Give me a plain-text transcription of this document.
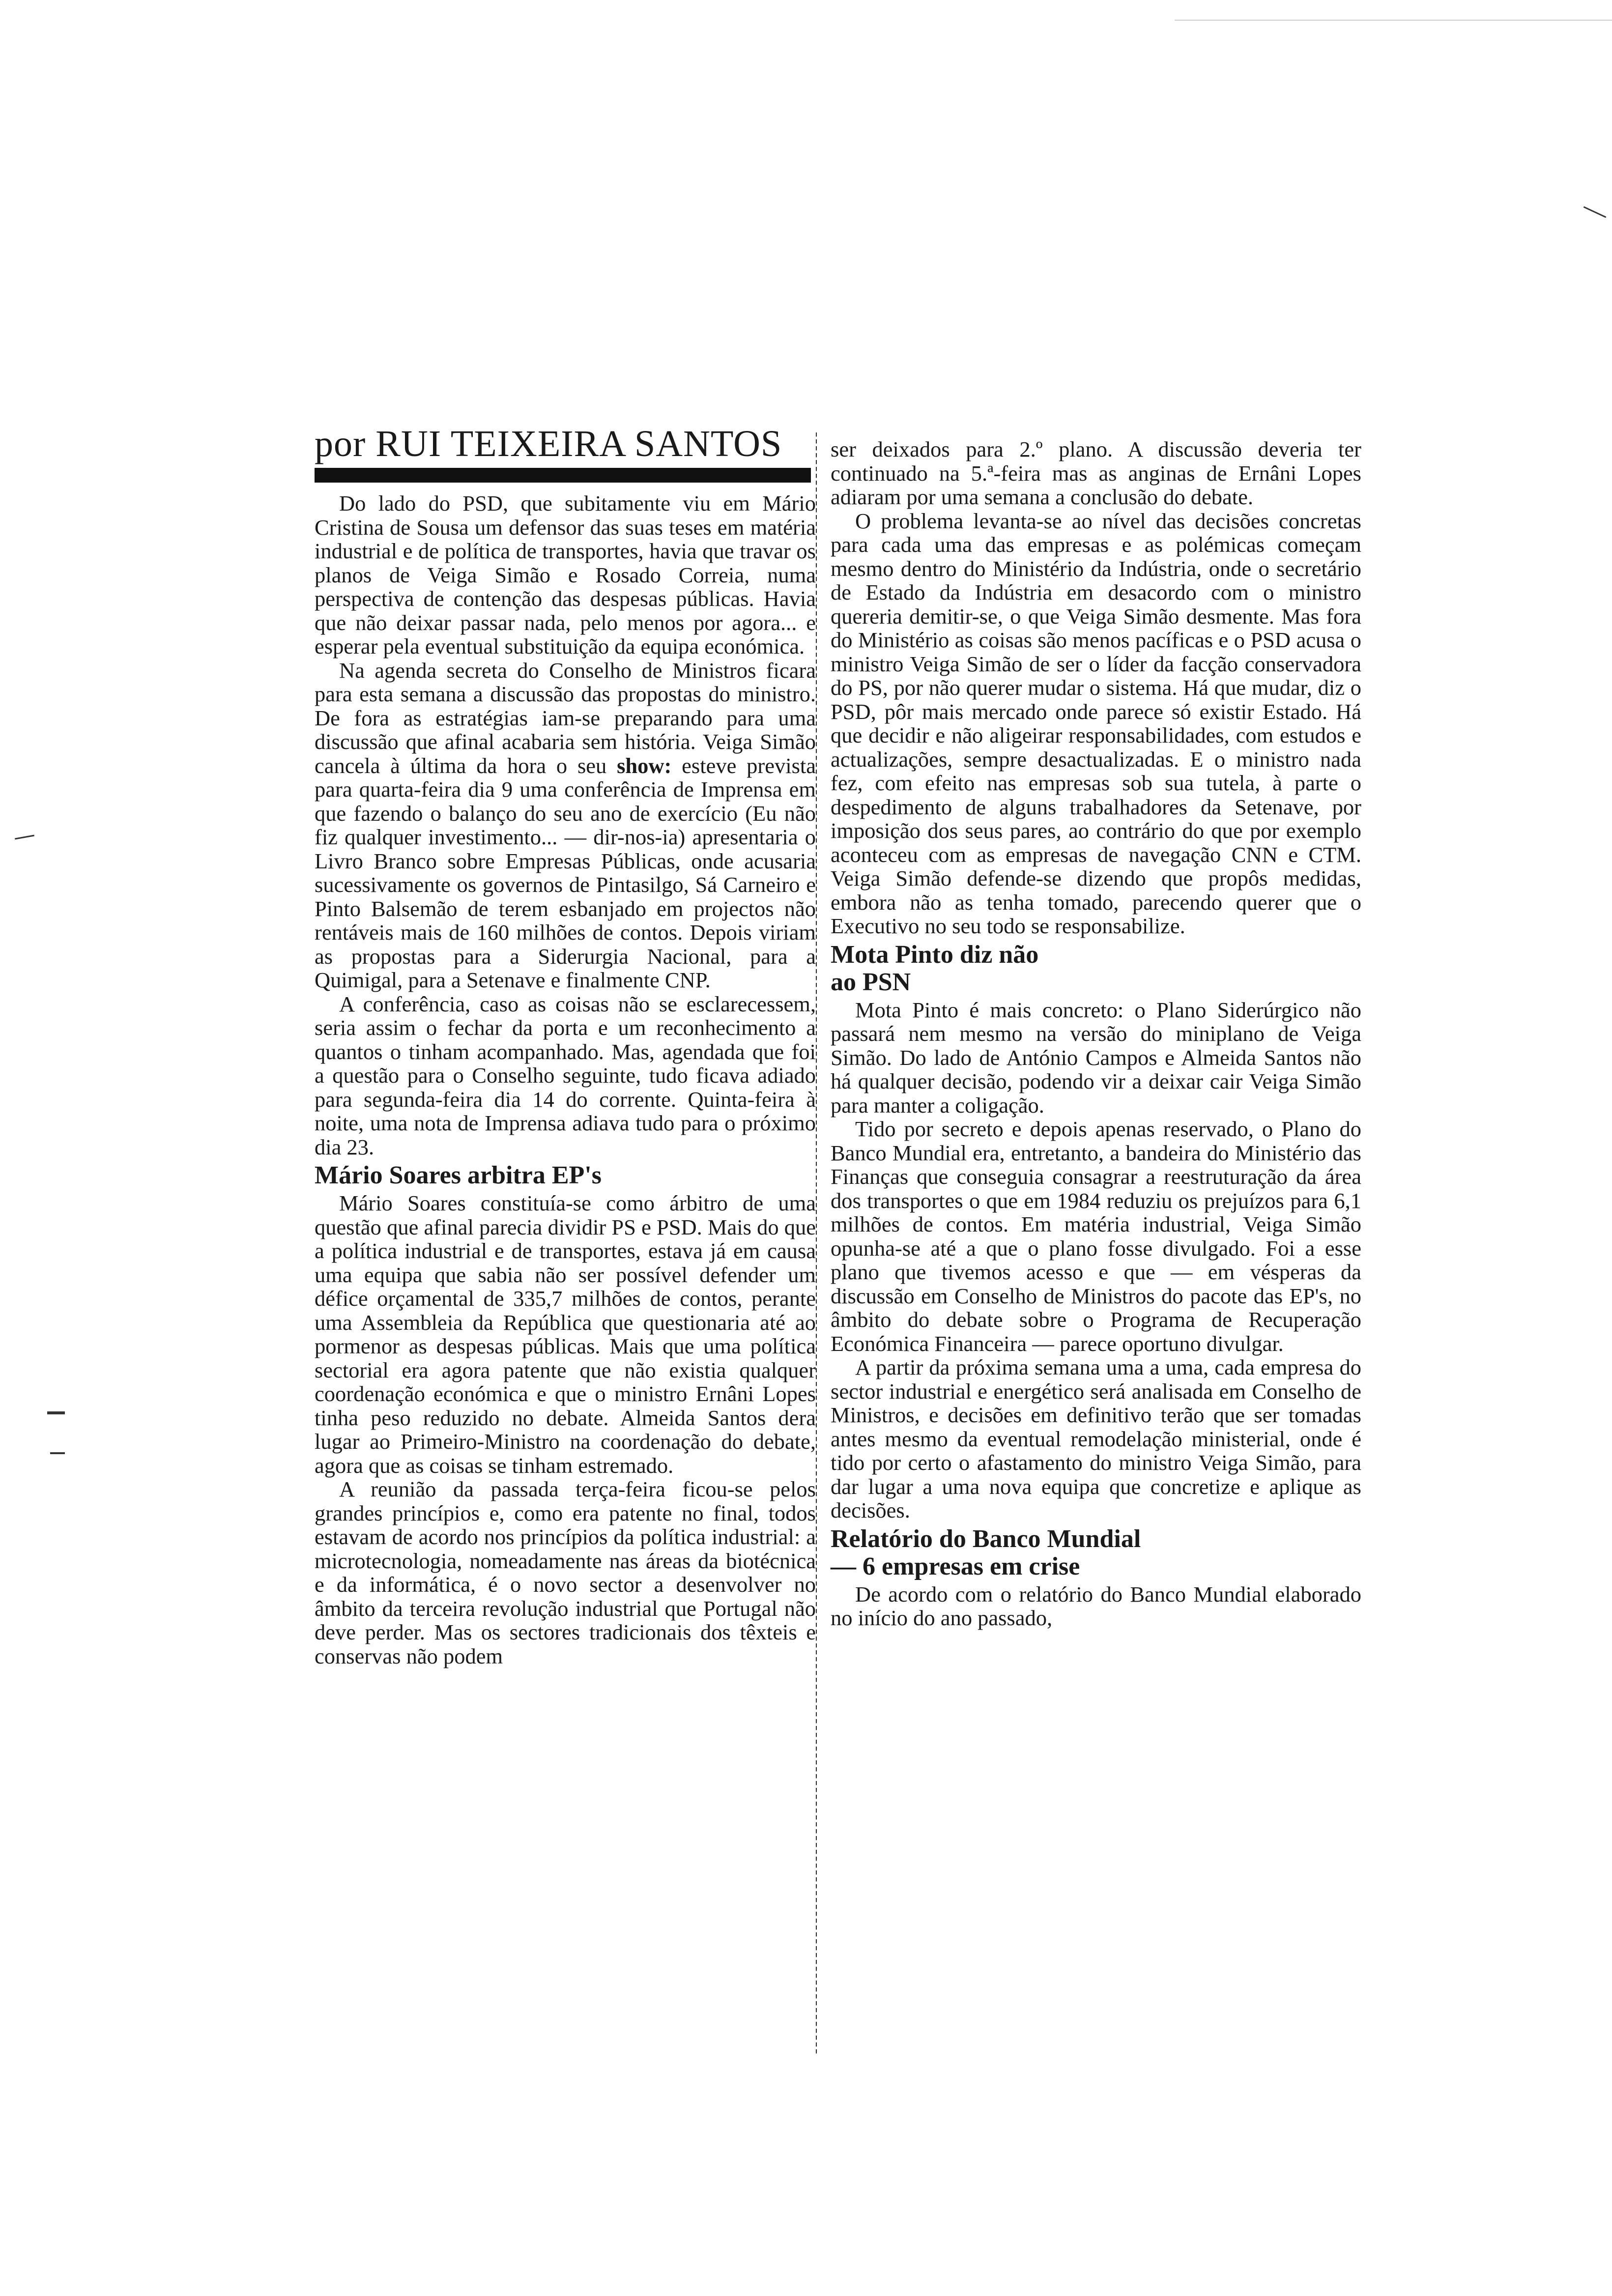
por RUI TEIXEIRA SANTOS

Do lado do PSD, que subitamente viu em Mário Cristina de Sousa um defensor das suas teses em matéria industrial e de política de transportes, havia que travar os planos de Veiga Simão e Rosado Correia, numa perspectiva de contenção das despesas públicas. Havia que não deixar passar nada, pelo menos por agora... e esperar pela eventual substituição da equipa económica.

Na agenda secreta do Conselho de Ministros ficara para esta semana a discussão das propostas do ministro. De fora as estratégias iam-se preparando para uma discussão que afinal acabaria sem história. Veiga Simão cancela à última da hora o seu show: esteve prevista para quarta-feira dia 9 uma conferência de Imprensa em que fazendo o balanço do seu ano de exercício (Eu não fiz qualquer investimento... — dir-nos-ia) apresentaria o Livro Branco sobre Empresas Públicas, onde acusaria sucessivamente os governos de Pintasilgo, Sá Carneiro e Pinto Balsemão de terem esbanjado em projectos não rentáveis mais de 160 milhões de contos. Depois viriam as propostas para a Siderurgia Nacional, para a Quimigal, para a Setenave e finalmente CNP.

A conferência, caso as coisas não se esclarecessem, seria assim o fechar da porta e um reconhecimento a quantos o tinham acompanhado. Mas, agendada que foi a questão para o Conselho seguinte, tudo ficava adiado para segunda-feira dia 14 do corrente. Quinta-feira à noite, uma nota de Imprensa adiava tudo para o próximo dia 23.

Mário Soares arbitra EP's

Mário Soares constituía-se como árbitro de uma questão que afinal parecia dividir PS e PSD. Mais do que a política industrial e de transportes, estava já em causa uma equipa que sabia não ser possível defender um défice orçamental de 335,7 milhões de contos, perante uma Assembleia da República que questionaria até ao pormenor as despesas públicas. Mais que uma política sectorial era agora patente que não existia qualquer coordenação económica e que o ministro Ernâni Lopes tinha peso reduzido no debate. Almeida Santos dera lugar ao Primeiro-Ministro na coordenação do debate, agora que as coisas se tinham estremado.

A reunião da passada terça-feira ficou-se pelos grandes princípios e, como era patente no final, todos estavam de acordo nos princípios da política industrial: a microtecnologia, nomeadamente nas áreas da biotécnica e da informática, é o novo sector a desenvolver no âmbito da terceira revolução industrial que Portugal não deve perder. Mas os sectores tradicionais dos têxteis e conservas não podem

ser deixados para 2.º plano. A discussão deveria ter continuado na 5.ª-feira mas as anginas de Ernâni Lopes adiaram por uma semana a conclusão do debate.

O problema levanta-se ao nível das decisões concretas para cada uma das empresas e as polémicas começam mesmo dentro do Ministério da Indústria, onde o secretário de Estado da Indústria em desacordo com o ministro quereria demitir-se, o que Veiga Simão desmente. Mas fora do Ministério as coisas são menos pacíficas e o PSD acusa o ministro Veiga Simão de ser o líder da facção conservadora do PS, por não querer mudar o sistema. Há que mudar, diz o PSD, pôr mais mercado onde parece só existir Estado. Há que decidir e não aligeirar responsabilidades, com estudos e actualizações, sempre desactualizadas. E o ministro nada fez, com efeito nas empresas sob sua tutela, à parte o despedimento de alguns trabalhadores da Setenave, por imposição dos seus pares, ao contrário do que por exemplo aconteceu com as empresas de navegação CNN e CTM. Veiga Simão defende-se dizendo que propôs medidas, embora não as tenha tomado, parecendo querer que o Executivo no seu todo se responsabilize.

Mota Pinto diz não
ao PSN

Mota Pinto é mais concreto: o Plano Siderúrgico não passará nem mesmo na versão do miniplano de Veiga Simão. Do lado de António Campos e Almeida Santos não há qualquer decisão, podendo vir a deixar cair Veiga Simão para manter a coligação.

Tido por secreto e depois apenas reservado, o Plano do Banco Mundial era, entretanto, a bandeira do Ministério das Finanças que conseguia consagrar a reestruturação da área dos transportes o que em 1984 reduziu os prejuízos para 6,1 milhões de contos. Em matéria industrial, Veiga Simão opunha-se até a que o plano fosse divulgado. Foi a esse plano que tivemos acesso e que — em vésperas da discussão em Conselho de Ministros do pacote das EP's, no âmbito do debate sobre o Programa de Recuperação Económica Financeira — parece oportuno divulgar.

A partir da próxima semana uma a uma, cada empresa do sector industrial e energético será analisada em Conselho de Ministros, e decisões em definitivo terão que ser tomadas antes mesmo da eventual remodelação ministerial, onde é tido por certo o afastamento do ministro Veiga Simão, para dar lugar a uma nova equipa que concretize e aplique as decisões.

Relatório do Banco Mundial
— 6 empresas em crise

De acordo com o relatório do Banco Mundial elaborado no início do ano passado,
